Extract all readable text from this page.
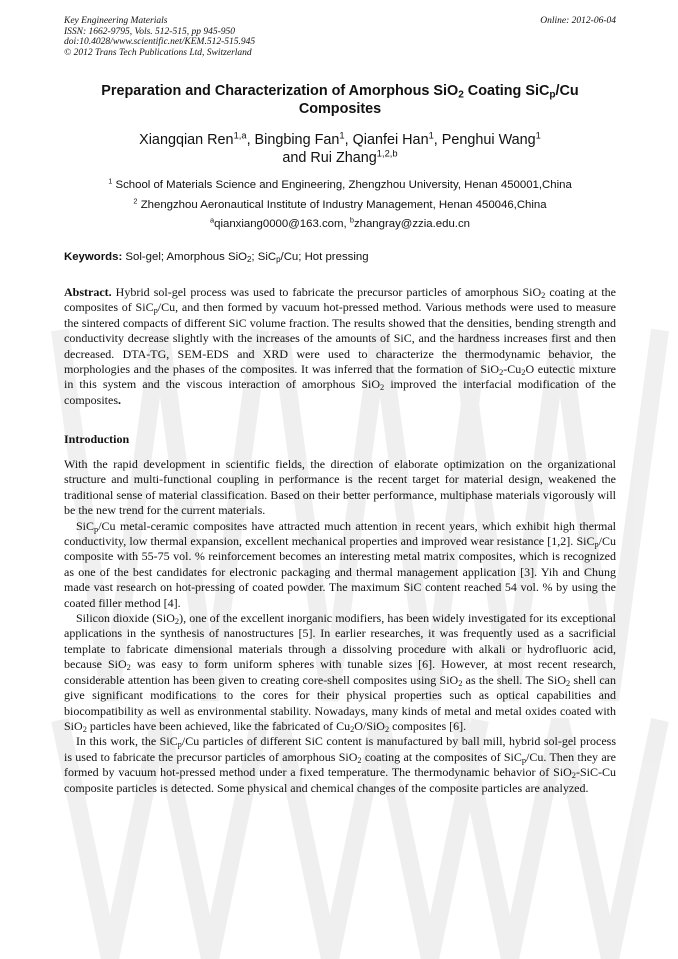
Key Engineering Materials
ISSN: 1662-9795, Vols. 512-515, pp 945-950
doi:10.4028/www.scientific.net/KEM.512-515.945
© 2012 Trans Tech Publications Ltd, Switzerland
Online: 2012-06-04
Preparation and Characterization of Amorphous SiO$_2$ Coating SiC$_p$/Cu
Composites
Xiangqian Ren$^{1,a}$, Bingbing Fan$^1$, Qianfei Han$^1$, Penghui Wang$^1$
and Rui Zhang$^{1,2,b}$
$^1$ School of Materials Science and Engineering, Zhengzhou University, Henan 450001,China
$^2$ Zhengzhou Aeronautical Institute of Industry Management, Henan 450046,China
$^a$qianxiang0000@163.com, $^b$zhangray@zzia.edu.cn
Keywords: Sol-gel; Amorphous SiO$_2$; SiC$_p$/Cu; Hot pressing

Abstract. Hybrid sol-gel process was used to fabricate the precursor particles of amorphous SiO$_2$ coating at the composites of SiC$_p$/Cu, and then formed by vacuum hot-pressed method. Various methods were used to measure the sintered compacts of different SiC volume fraction. The results showed that the densities, bending strength and conductivity decrease slightly with the increases of the amounts of SiC, and the hardness increases first and then decreased. DTA-TG, SEM-EDS and XRD were used to characterize the thermodynamic behavior, the morphologies and the phases of the composites. It was inferred that the formation of $SiO_2-Cu_2O$ eutectic mixture in this system and the viscous interaction of amorphous SiO$_2$ improved the interfacial modification of the composites.

Introduction

With the rapid development in scientific fields, the direction of elaborate optimization on the organizational structure and multi-functional coupling in performance is the recent target for material design, weakened the traditional sense of material classification. Based on their better performance, multiphase materials vigorously will be the new trend for the current materials.

SiC$_p$/Cu metal-ceramic composites have attracted much attention in recent years, which exhibit high thermal conductivity, low thermal expansion, excellent mechanical properties and improved wear resistance [1,2]. SiC$_p$/Cu composite with 55-75 vol. % reinforcement becomes an interesting metal matrix composites, which is recognized as one of the best candidates for electronic packaging and thermal management application [3]. Yih and Chung made vast research on hot-pressing of coated powder. The maximum SiC content reached 54 vol. % by using the coated filler method [4].

Silicon dioxide (SiO$_2$), one of the excellent inorganic modifiers, has been widely investigated for its exceptional applications in the synthesis of nanostructures [5]. In earlier researches, it was frequently used as a sacrificial template to fabricate dimensional materials through a dissolving procedure with alkali or hydrofluoric acid, because SiO$_2$ was easy to form uniform spheres with tunable sizes [6]. However, at most recent research, considerable attention has been given to creating core-shell composites using SiO$_2$ as the shell. The SiO$_2$ shell can give significant modifications to the cores for their physical properties such as optical capabilities and biocompatibility as well as environmental stability. Nowadays, many kinds of metal and metal oxides coated with SiO$_2$ particles have been achieved, like the fabricated of $Cu_2O/SiO_2$ composites [6].

In this work, the SiC$_p$/Cu particles of different SiC content is manufactured by ball mill, hybrid sol-gel process is used to fabricate the precursor particles of amorphous SiO$_2$ coating at the composites of SiC$_p$/Cu. Then they are formed by vacuum hot-pressed method under a fixed temperature. The thermodynamic behavior of SiO$_2$-SiC-Cu composite particles is detected. Some physical and chemical changes of the composite particles are analyzed.
